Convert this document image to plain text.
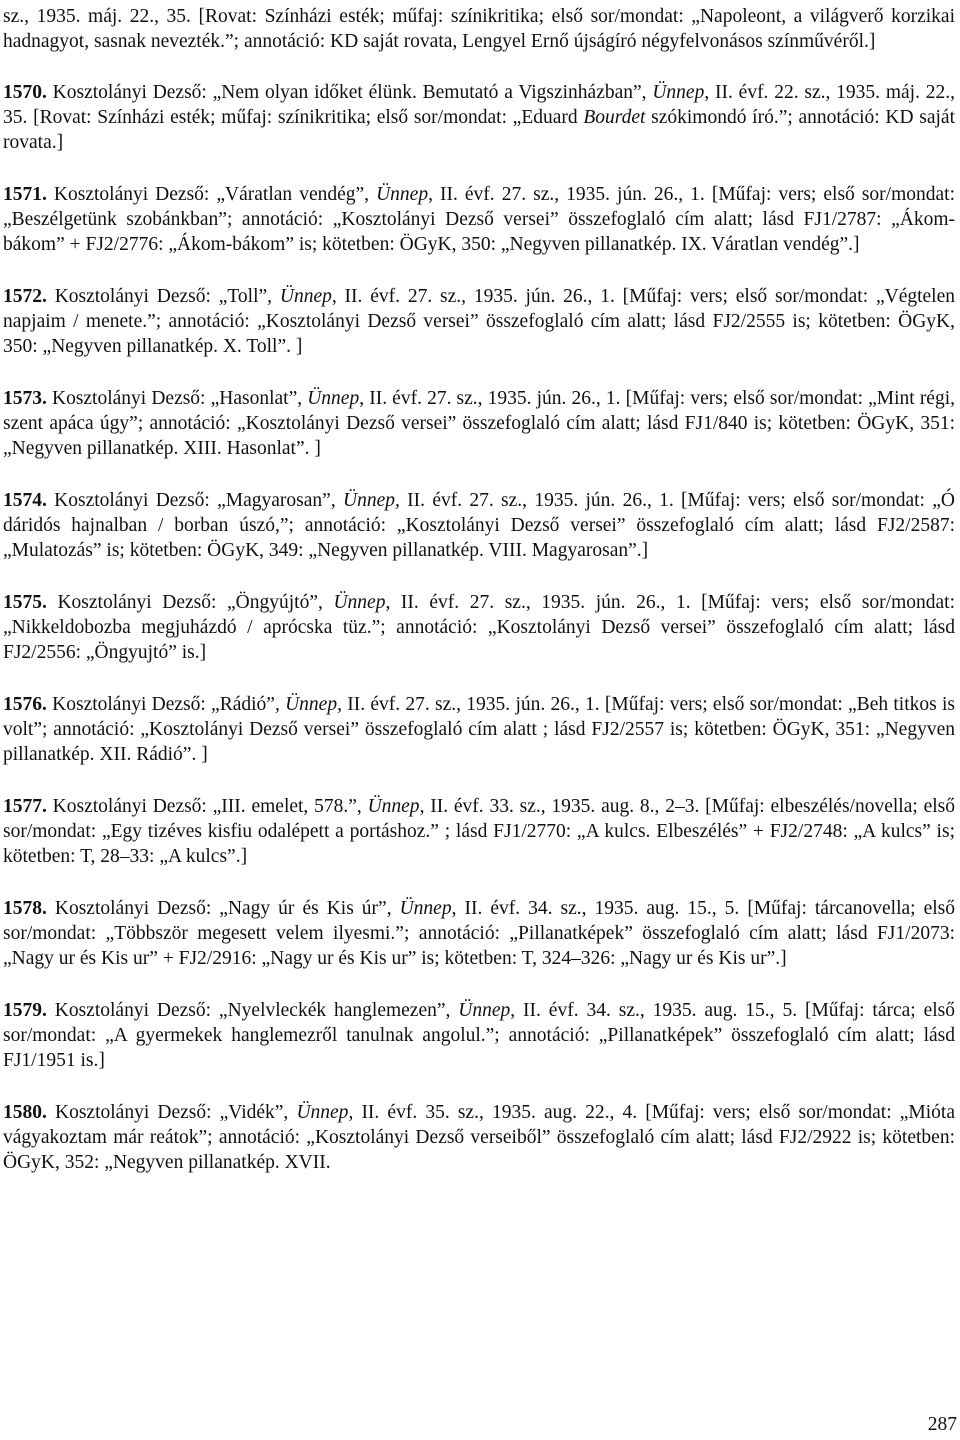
sz., 1935. máj. 22., 35. [Rovat: Színházi esték; műfaj: színikritika; első sor/mondat: „Napoleont, a világverő korzikai hadnagyot, sasnak nevezték.”; annotáció: KD saját rovata, Lengyel Ernő újságíró négyfelvonásos színművéről.]

1570. Kosztolányi Dezső: „Nem olyan időket élünk. Bemutató a Vigszinházban”, Ünnep, II. évf. 22. sz., 1935. máj. 22., 35. [Rovat: Színházi esték; műfaj: színikritika; első sor/mondat: „Eduard Bourdet szókimondó író.”; annotáció: KD saját rovata.]

1571. Kosztolányi Dezső: „Váratlan vendég”, Ünnep, II. évf. 27. sz., 1935. jún. 26., 1. [Műfaj: vers; első sor/mondat: „Beszélgetünk szobánkban”; annotáció: „Kosztolányi Dezső versei” összefoglaló cím alatt; lásd FJ1/2787: „Ákom-bákom” + FJ2/2776: „Ákom-bákom” is; kötetben: ÖGyK, 350: „Negyven pillanatkép. IX. Váratlan vendég”.]

1572. Kosztolányi Dezső: „Toll”, Ünnep, II. évf. 27. sz., 1935. jún. 26., 1. [Műfaj: vers; első sor/mondat: „Végtelen napjaim / menete.”; annotáció: „Kosztolányi Dezső versei” összefoglaló cím alatt; lásd FJ2/2555 is; kötetben: ÖGyK, 350: „Negyven pillanatkép. X. Toll”. ]

1573. Kosztolányi Dezső: „Hasonlat”, Ünnep, II. évf. 27. sz., 1935. jún. 26., 1. [Műfaj: vers; első sor/mondat: „Mint régi, szent apáca úgy”; annotáció: „Kosztolányi Dezső versei” összefoglaló cím alatt; lásd FJ1/840 is; kötetben: ÖGyK, 351: „Negyven pillanatkép. XIII. Hasonlat”. ]

1574. Kosztolányi Dezső: „Magyarosan”, Ünnep, II. évf. 27. sz., 1935. jún. 26., 1. [Műfaj: vers; első sor/mondat: „Ó dáridós hajnalban / borban úszó,”; annotáció: „Kosztolányi Dezső versei” összefoglaló cím alatt; lásd FJ2/2587: „Mulatozás” is; kötetben: ÖGyK, 349: „Negyven pillanatkép. VIII. Magyarosan”.]

1575. Kosztolányi Dezső: „Öngyújtó”, Ünnep, II. évf. 27. sz., 1935. jún. 26., 1. [Műfaj: vers; első sor/mondat: „Nikkeldobozba megjuházdó / aprócska tüz.”; annotáció: „Kosztolányi Dezső versei” összefoglaló cím alatt; lásd FJ2/2556: „Öngyujtó” is.]

1576. Kosztolányi Dezső: „Rádió”, Ünnep, II. évf. 27. sz., 1935. jún. 26., 1. [Műfaj: vers; első sor/mondat: „Beh titkos is volt”; annotáció: „Kosztolányi Dezső versei” összefoglaló cím alatt ; lásd FJ2/2557 is; kötetben: ÖGyK, 351: „Negyven pillanatkép. XII. Rádió”. ]

1577. Kosztolányi Dezső: „III. emelet, 578.”, Ünnep, II. évf. 33. sz., 1935. aug. 8., 2–3. [Műfaj: elbeszélés/novella; első sor/mondat: „Egy tizéves kisfiu odalépett a portáshoz.” ; lásd FJ1/2770: „A kulcs. Elbeszélés” + FJ2/2748: „A kulcs” is; kötetben: T, 28–33: „A kulcs”.]

1578. Kosztolányi Dezső: „Nagy úr és Kis úr”, Ünnep, II. évf. 34. sz., 1935. aug. 15., 5. [Műfaj: tárcanovella; első sor/mondat: „Többször megesett velem ilyesmi.”; annotáció: „Pillanatképek” összefoglaló cím alatt; lásd FJ1/2073: „Nagy ur és Kis ur” + FJ2/2916: „Nagy ur és Kis ur” is; kötetben: T, 324–326: „Nagy ur és Kis ur”.]

1579. Kosztolányi Dezső: „Nyelvleckék hanglemezen”, Ünnep, II. évf. 34. sz., 1935. aug. 15., 5. [Műfaj: tárca; első sor/mondat: „A gyermekek hanglemezről tanulnak angolul.”; annotáció: „Pillanatképek” összefoglaló cím alatt; lásd FJ1/1951 is.]

1580. Kosztolányi Dezső: „Vidék”, Ünnep, II. évf. 35. sz., 1935. aug. 22., 4. [Műfaj: vers; első sor/mondat: „Mióta vágyakoztam már reátok”; annotáció: „Kosztolányi Dezső verseiből” összefoglaló cím alatt; lásd FJ2/2922 is; kötetben: ÖGyK, 352: „Negyven pillanatkép. XVII.

287
